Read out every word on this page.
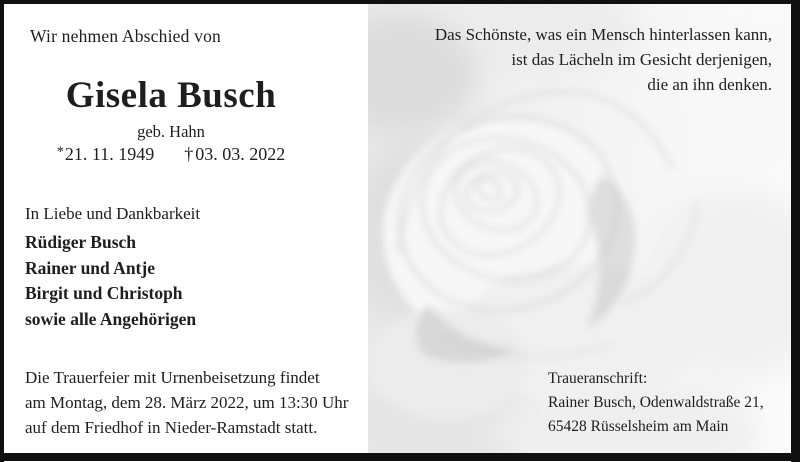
Wir nehmen Abschied von
Gisela Busch
geb. Hahn
*21. 11. 1949 † 03. 03. 2022
In Liebe und Dankbarkeit
Rüdiger Busch
Rainer und Antje
Birgit und Christoph
sowie alle Angehörigen
Die Trauerfeier mit Urnenbeisetzung findet
am Montag, dem 28. März 2022, um 13:30 Uhr
auf dem Friedhof in Nieder-Ramstadt statt.
Das Schönste, was ein Mensch hinterlassen kann,
ist das Lächeln im Gesicht derjenigen,
die an ihn denken.
Traueranschrift:
Rainer Busch, Odenwaldstraße 21,
65428 Rüsselsheim am Main
